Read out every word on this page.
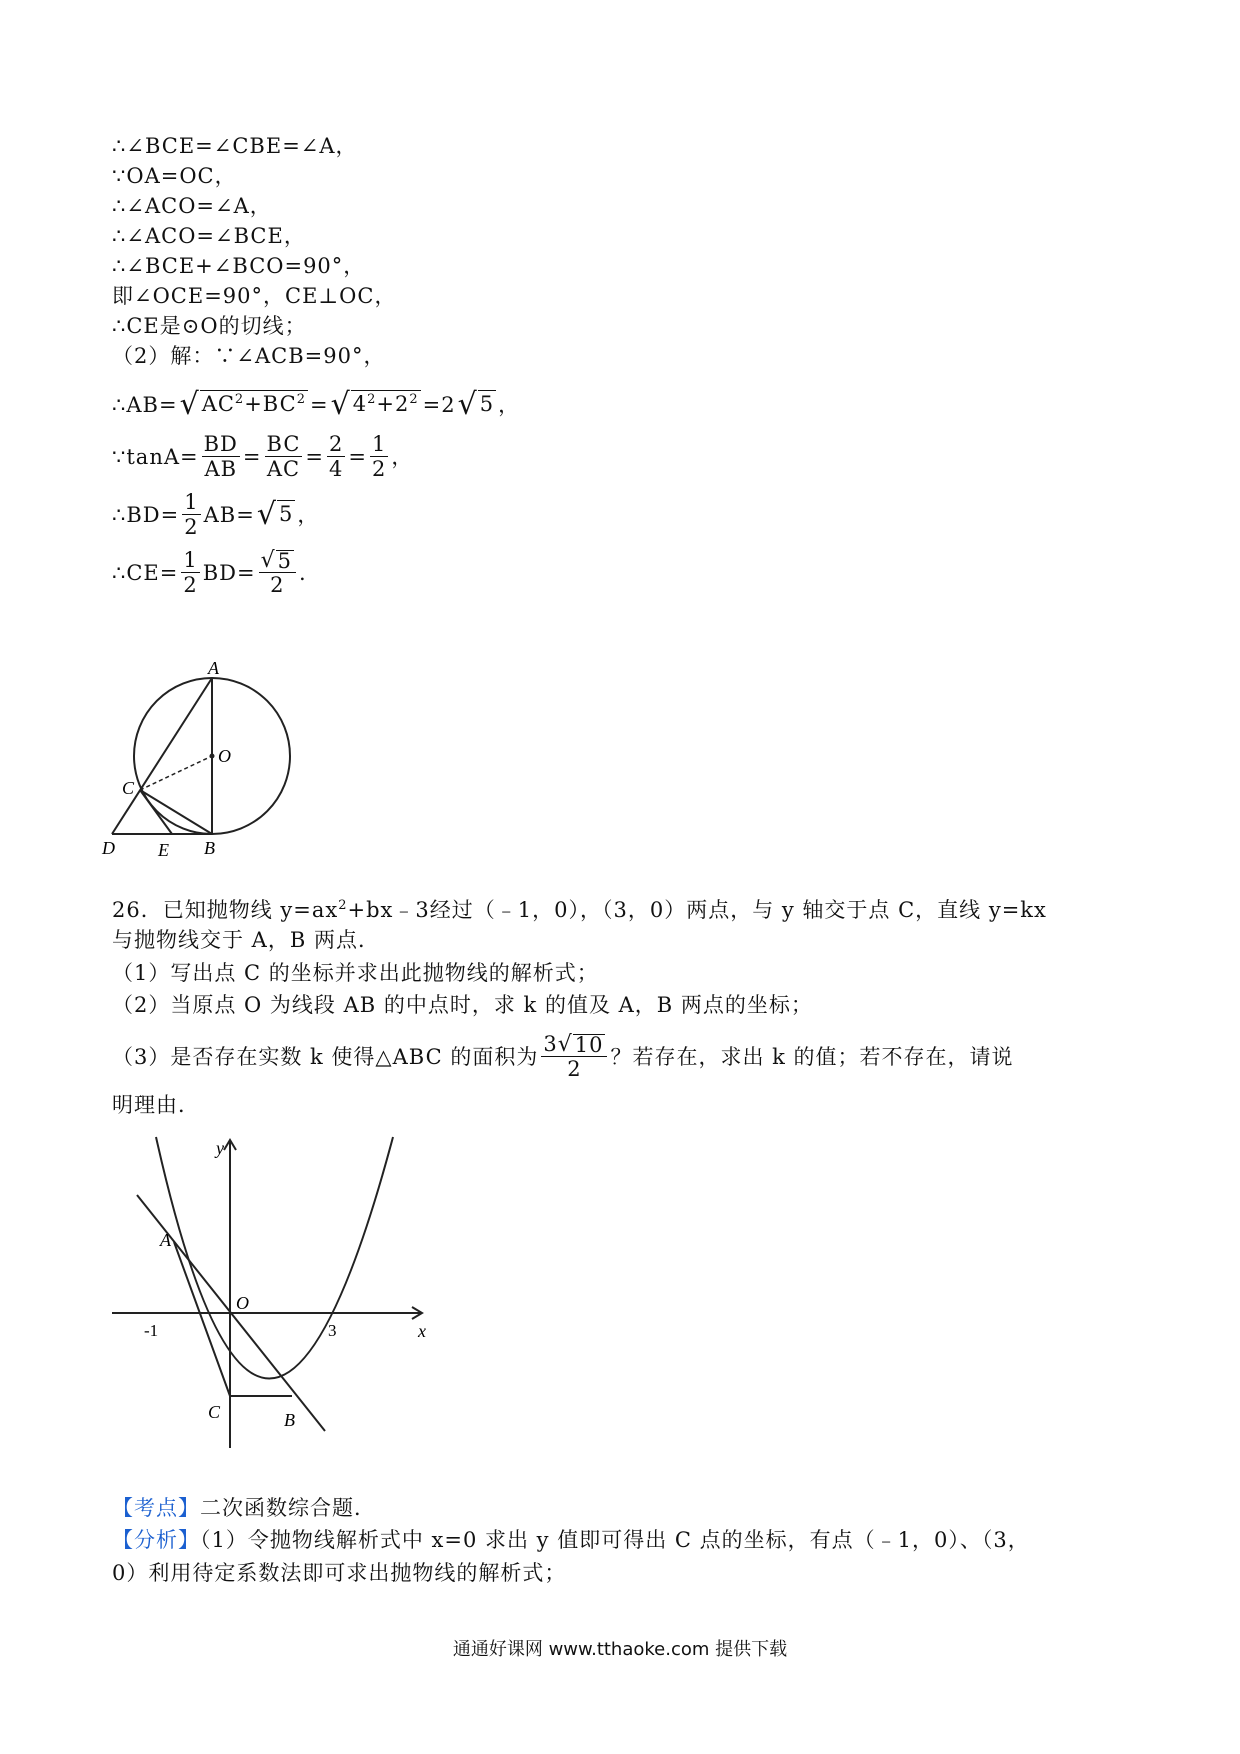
∴∠BCE=∠CBE=∠A，
∵OA=OC，
∴∠ACO=∠A，
∴∠ACO=∠BCE，
∴∠BCE+∠BCO=90°，
即∠OCE=90°，CE⊥OC，
∴CE是⊙O的切线；
（2）解：∵∠ACB=90°，
∴AB= √ $AC^2+BC^2$ = √ $4^2+2^2 =2$ √ 5 ，
∵tanA= $\frac{BD}{AB} = \frac{BC}{AC} = \frac{2}{4} = \frac{1}{2}$ ，
∴BD= $\frac{1}{2} AB=$ √ 5 ，
∴CE= $\frac{1}{2} BD= \frac{√ 5}{2}$ .
A
O
C
D E B
26．已知抛物线 $y=ax^2+bx﹣3$经过（﹣1，0），（3，0）两点，与 y 轴交于点 C，直线 y=kx
与抛物线交于 A，B 两点．
（1）写出点 C 的坐标并求出此抛物线的解析式；
（2）当原点 O 为线段 AB 的中点时，求 k 的值及 A，B 两点的坐标；
（3）是否存在实数 k 使得△ABC 的面积为 $\frac{3 √ 10}{2}$ ？若存在，求出 k 的值；若不存在，请说
明理由．
y
x
A
O
-1	3
C	B
【考点】二次函数综合题．
【分析】（1）令抛物线解析式中 x=0 求出 y 值即可得出 C 点的坐标，有点（﹣1，0）、（3，
0）利用待定系数法即可求出抛物线的解析式；
通通好课网 www.tthaoke.com 提供下载
